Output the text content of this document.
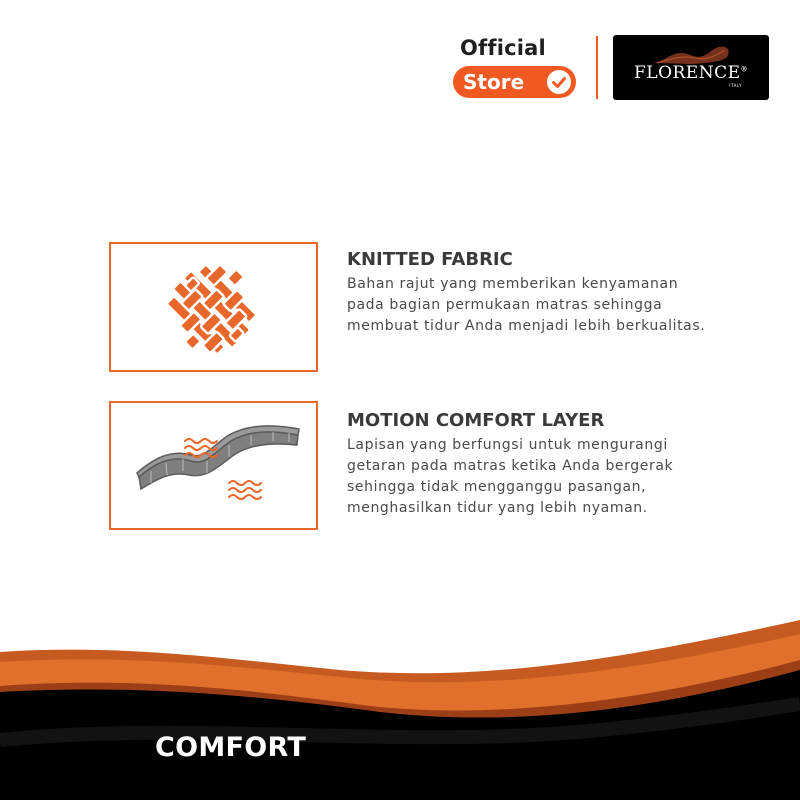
Official
Store	FLORENCE®
ITALY
KNITTED FABRIC
Bahan rajut yang memberikan kenyamanan pada bagian permukaan matras sehingga membuat tidur Anda menjadi lebih berkualitas.
MOTION COMFORT LAYER
Lapisan yang berfungsi untuk mengurangi getaran pada matras ketika Anda bergerak sehingga tidak mengganggu pasangan, menghasilkan tidur yang lebih nyaman.
COMFORT
